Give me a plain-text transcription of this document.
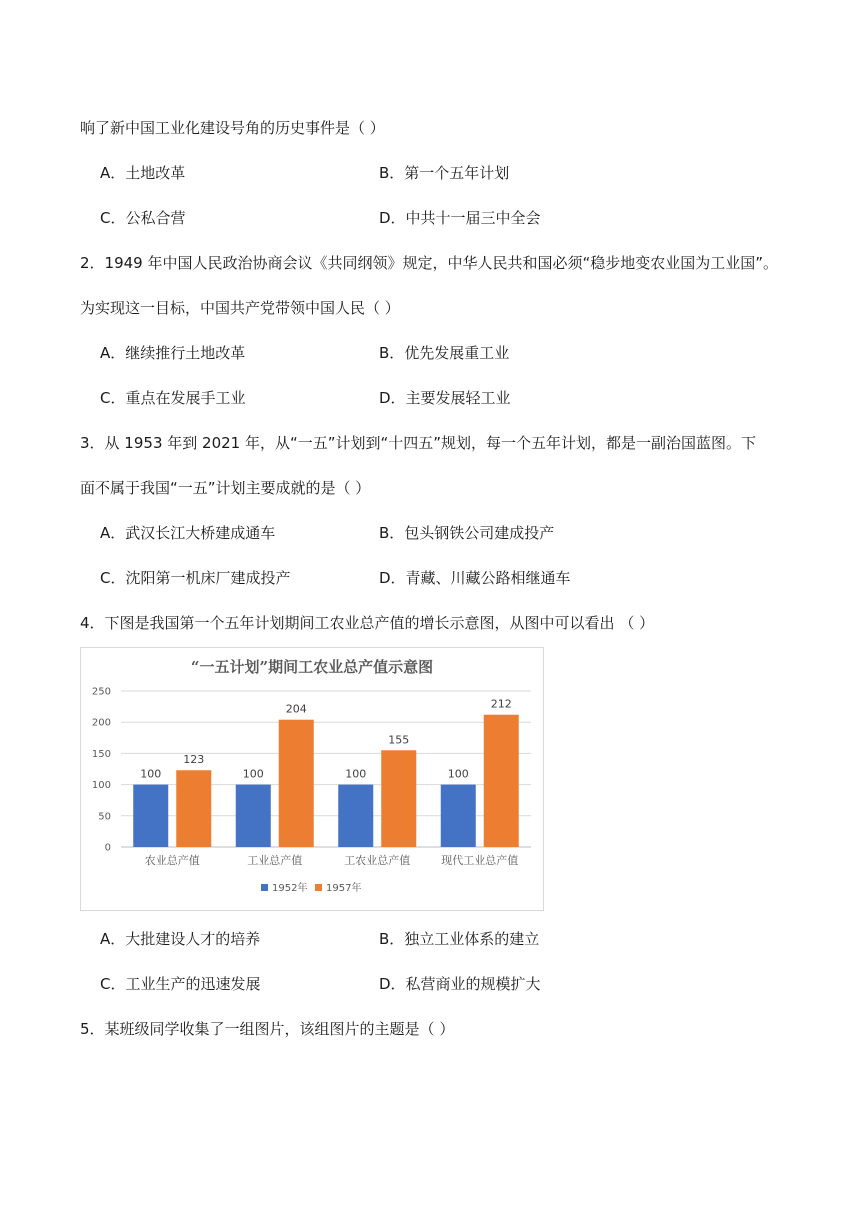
响了新中国工业化建设号角的历史事件是（ ）
A．土地改革	B．第一个五年计划
C．公私合营	D．中共十一届三中全会
2．1949 年中国人民政治协商会议《共同纲领》规定，中华人民共和国必须“稳步地变农业国为工业国”。
为实现这一目标，中国共产党带领中国人民（ ）
A．继续推行土地改革	B．优先发展重工业
C．重点在发展手工业	D．主要发展轻工业
3．从 1953 年到 2021 年，从“一五”计划到“十四五”规划，每一个五年计划，都是一副治国蓝图。下
面不属于我国“一五”计划主要成就的是（ ）
A．武汉长江大桥建成通车	B．包头钢铁公司建成投产
C．沈阳第一机床厂建成投产	D．青藏、川藏公路相继通车
4．下图是我国第一个五年计划期间工农业总产值的增长示意图，从图中可以看出 （ ）
“一五计划”期间工农业总产值示意图
0
50
100
150
200
250
100
123
农业总产值
100
204
工业总产值
100
155
工农业总产值
100
212
现代工业总产值
1952年 1957年
A．大批建设人才的培养	B．独立工业体系的建立
C．工业生产的迅速发展	D．私营商业的规模扩大
5．某班级同学收集了一组图片，该组图片的主题是（ ）
